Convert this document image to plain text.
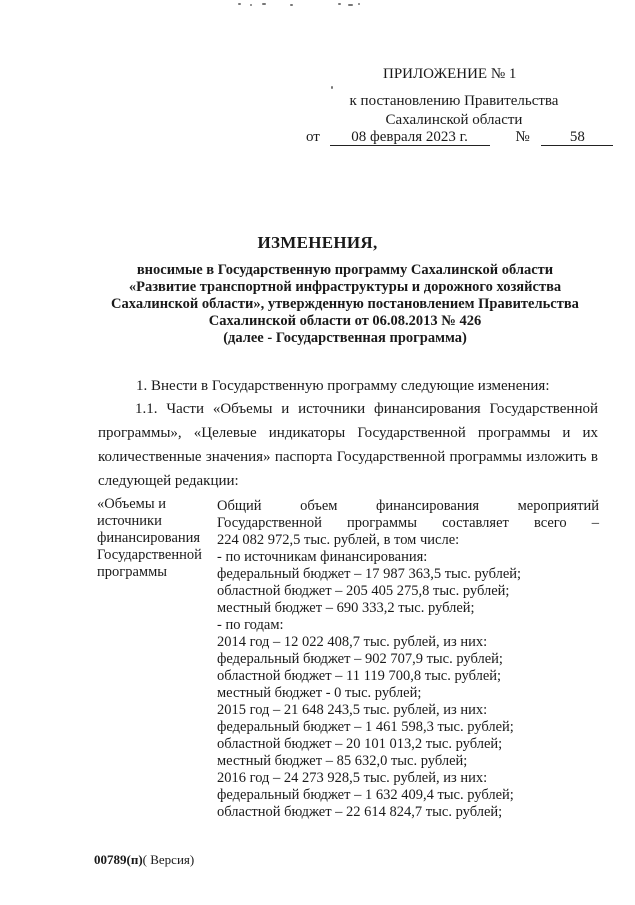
ПРИЛОЖЕНИЕ № 1
к постановлению Правительства
Сахалинской области
от 08 февраля 2023 г.	№	58
ИЗМЕНЕНИЯ,
вносимые в Государственную программу Сахалинской области
«Развитие транспортной инфраструктуры и дорожного хозяйства
Сахалинской области», утвержденную постановлением Правительства
Сахалинской области от 06.08.2013 № 426
(далее - Государственная программа)
1. Внести в Государственную программу следующие изменения:
1.1. Части «Объемы и источники финансирования Государственной программы», «Целевые индикаторы Государственной программы и их количественные значения» паспорта Государственной программы изложить в следующей редакции:
«Объемы и
источники
финансирования
Государственной
программы
Общий объем финансирования мероприятий Государственной программы составляет всего –
224 082 972,5 тыс. рублей, в том числе:
- по источникам финансирования:
федеральный бюджет – 17 987 363,5 тыс. рублей;
областной бюджет – 205 405 275,8 тыс. рублей;
местный бюджет – 690 333,2 тыс. рублей;
- по годам:
2014 год – 12 022 408,7 тыс. рублей, из них:
федеральный бюджет – 902 707,9 тыс. рублей;
областной бюджет – 11 119 700,8 тыс. рублей;
местный бюджет - 0 тыс. рублей;
2015 год – 21 648 243,5 тыс. рублей, из них:
федеральный бюджет – 1 461 598,3 тыс. рублей;
областной бюджет – 20 101 013,2 тыс. рублей;
местный бюджет – 85 632,0 тыс. рублей;
2016 год – 24 273 928,5 тыс. рублей, из них:
федеральный бюджет – 1 632 409,4 тыс. рублей;
областной бюджет – 22 614 824,7 тыс. рублей;
00789(п)( Версия)
